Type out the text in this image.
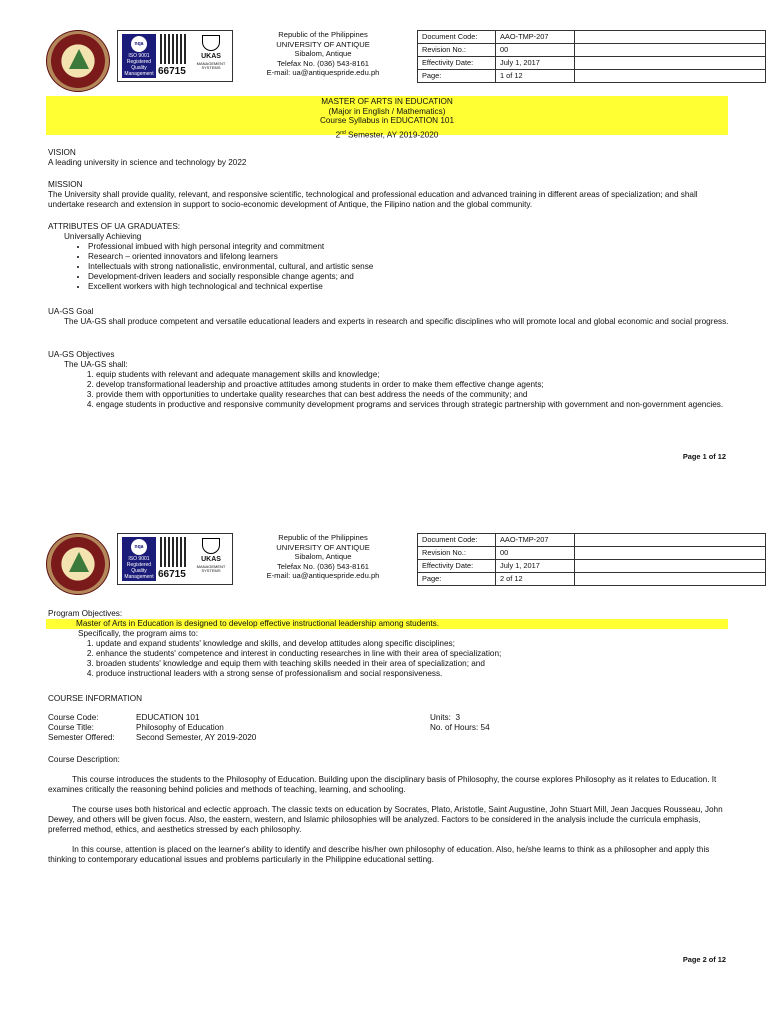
nqa
ISO 9001 Registered
Quality Management 66715
UKAS
MANAGEMENT SYSTEMS
Republic of the Philippines
UNIVERSITY OF ANTIQUE
Sibalom, Antique
Telefax No. (036) 543-8161
E-mail: ua@antiquespride.edu.ph
Document Code:	AAO-TMP-207	
Revision No.:	00	
Effectivity Date:	July 1, 2017	
Page:	1 of 12	
MASTER OF ARTS IN EDUCATION
(Major in English / Mathematics)
Course Syllabus in EDUCATION 101
2nd Semester, AY 2019-2020
VISION
A leading university in science and technology by 2022
MISSION
The University shall provide quality, relevant, and responsive scientific, technological and professional education and advanced training in different areas of specialization; and shall undertake research and extension in support to socio-economic development of Antique, the Filipino nation and the global community.
ATTRIBUTES OF UA GRADUATES:
Universally Achieving
• Professional imbued with high personal integrity and commitment
• Research – oriented innovators and lifelong learners
• Intellectuals with strong nationalistic, environmental, cultural, and artistic sense
• Development-driven leaders and socially responsible change agents; and
• Excellent workers with high technological and technical expertise
UA-GS Goal
The UA-GS shall produce competent and versatile educational leaders and experts in research and specific disciplines who will promote local and global economic and social progress.
UA-GS Objectives
The UA-GS shall:
1. equip students with relevant and adequate management skills and knowledge;
2. develop transformational leadership and proactive attitudes among students in order to make them effective change agents;
3. provide them with opportunities to undertake quality researches that can best address the needs of the community; and
4. engage students in productive and responsive community development programs and services through strategic partnership with government and non-government agencies.
Page 1 of 12
nqa
ISO 9001 Registered
Quality Management 66715
UKAS
MANAGEMENT SYSTEMS
Republic of the Philippines
UNIVERSITY OF ANTIQUE
Sibalom, Antique
Telefax No. (036) 543-8161
E-mail: ua@antiquespride.edu.ph
Document Code:	AAO-TMP-207	
Revision No.:	00	
Effectivity Date:	July 1, 2017	
Page:	2 of 12	
Program Objectives:
Master of Arts in Education is designed to develop effective instructional leadership among students.
Specifically, the program aims to:
1. update and expand students' knowledge and skills, and develop attitudes along specific disciplines;
2. enhance the students' competence and interest in conducting researches in line with their area of specialization;
3. broaden students' knowledge and equip them with teaching skills needed in their area of specialization; and
4. produce instructional leaders with a strong sense of professionalism and social responsiveness.
COURSE INFORMATION
Course Code:	EDUCATION 101	Units: 3
Course Title:	Philosophy of Education	No. of Hours: 54
Semester Offered:	Second Semester, AY 2019-2020	
Course Description:
This course introduces the students to the Philosophy of Education. Building upon the disciplinary basis of Philosophy, the course explores Philosophy as it relates to Education. It examines critically the reasoning behind policies and methods of teaching, learning, and schooling.
The course uses both historical and eclectic approach. The classic texts on education by Socrates, Plato, Aristotle, Saint Augustine, John Stuart Mill, Jean Jacques Rousseau, John Dewey, and others will be given focus. Also, the eastern, western, and Islamic philosophies will be analyzed. Factors to be considered in the analysis include the curricula emphasis, preferred method, ethics, and aesthetics stressed by each philosophy.
In this course, attention is placed on the learner's ability to identify and describe his/her own philosophy of education. Also, he/she learns to think as a philosopher and apply this thinking to contemporary educational issues and problems particularly in the Philippine educational setting.
Page 2 of 12
